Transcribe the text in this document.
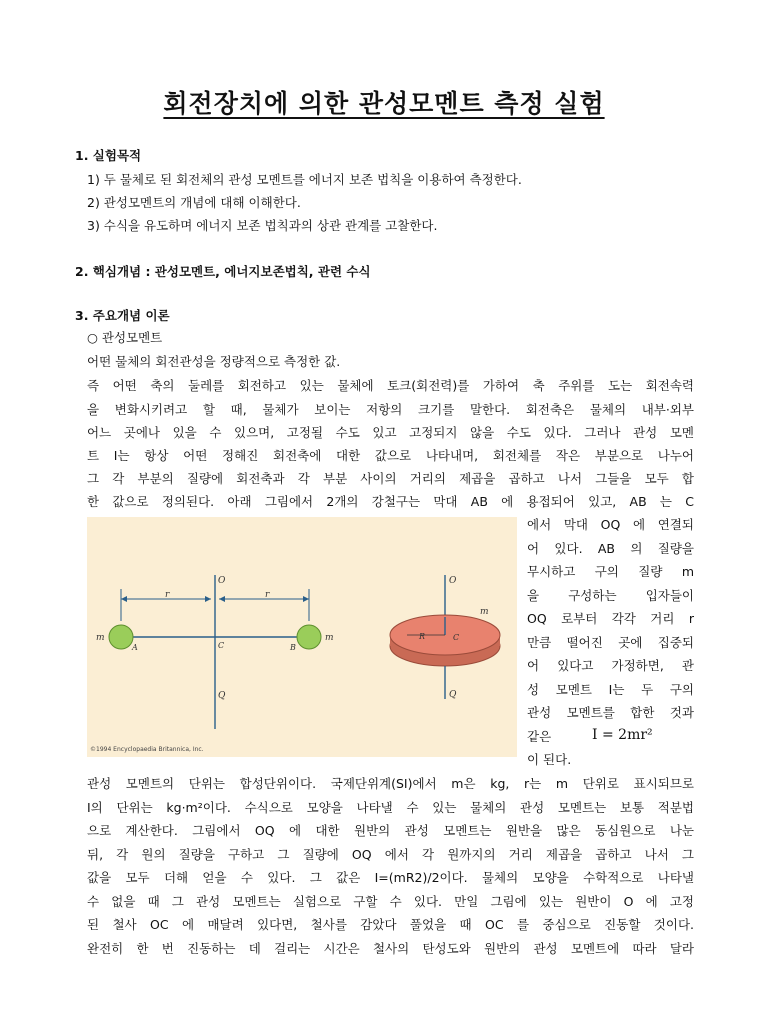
회전장치에 의한 관성모멘트 측정 실험
1. 실험목적
1) 두 물체로 된 회전체의 관성 모멘트를 에너지 보존 법칙을 이용하여 측정한다.
2) 관성모멘트의 개념에 대해 이해한다.
3) 수식을 유도하며 에너지 보존 법칙과의 상관 관계를 고찰한다.
2. 핵심개념 : 관성모멘트, 에너지보존법칙, 관련 수식
3. 주요개념 이론
○ 관성모멘트
어떤 물체의 회전관성을 정량적으로 측정한 값.
즉 어떤 축의 둘레를 회전하고 있는 물체에 토크(회전력)를 가하여 축 주위를 도는 회전속력
을 변화시키려고 할 때, 물체가 보이는 저항의 크기를 말한다. 회전축은 물체의 내부·외부
어느 곳에나 있을 수 있으며, 고정될 수도 있고 고정되지 않을 수도 있다. 그러나 관성 모멘
트 I는 항상 어떤 정해진 회전축에 대한 값으로 나타내며, 회전체를 작은 부분으로 나누어
그 각 부분의 질량에 회전축과 각 부분 사이의 거리의 제곱을 곱하고 나서 그들을 모두 합
한 값으로 정의된다. 아래 그림에서 2개의 강철구는 막대 AB 에 용접되어 있고, AB 는 C
O
Q
r	r
m	m
A	C	B
O
m
R	C
Q
©1994 Encyclopaedia Britannica, Inc.
에서 막대 OQ 에 연결되
어 있다. AB 의 질량을
무시하고 구의 질량 m
을 구성하는 입자들이
OQ 로부터 각각 거리 r
만큼 떨어진 곳에 집중되
어 있다고 가정하면, 관
성 모멘트 I는 두 구의
관성 모멘트를 합한 것과
같은	I = 2mr²
이 된다.
관성 모멘트의 단위는 합성단위이다. 국제단위계(SI)에서 m은 kg, r는 m 단위로 표시되므로
I의 단위는 kg·m²이다. 수식으로 모양을 나타낼 수 있는 물체의 관성 모멘트는 보통 적분법
으로 계산한다. 그림에서 OQ 에 대한 원반의 관성 모멘트는 원반을 많은 동심원으로 나눈
뒤, 각 원의 질량을 구하고 그 질량에 OQ 에서 각 원까지의 거리 제곱을 곱하고 나서 그
값을 모두 더해 얻을 수 있다. 그 값은 I=(mR2)/2이다. 물체의 모양을 수학적으로 나타낼
수 없을 때 그 관성 모멘트는 실험으로 구할 수 있다. 만일 그림에 있는 원반이 O 에 고정
된 철사 OC 에 매달려 있다면, 철사를 감았다 풀었을 때 OC 를 중심으로 진동할 것이다.
완전히 한 번 진동하는 데 걸리는 시간은 철사의 탄성도와 원반의 관성 모멘트에 따라 달라
